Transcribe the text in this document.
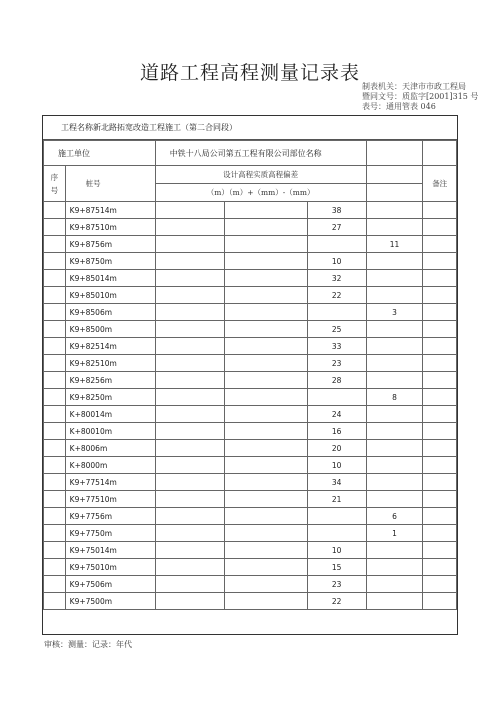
道路工程高程测量记录表
制表机关：天津市市政工程局
暨同文号：质监字[2001]315 号
表号：通用管表 046
工程名称新北路拓宽改造工程施工（第二合同段）
施工单位		中铁十八局公司第五工程有限公司部位名称				
序
号	桩号	设计高程实质高程偏差				备注
		（m）（m）+（mm）-（mm）				
	K9+87514m			38		
	K9+87510m			27		
	K9+8756m				11	
	K9+8750m			10		
	K9+85014m			32		
	K9+85010m			22		
	K9+8506m				3	
	K9+8500m			25		
	K9+82514m			33		
	K9+82510m			23		
	K9+8256m			28		
	K9+8250m				8	
	K+80014m			24		
	K+80010m			16		
	K+8006m			20		
	K+8000m			10		
	K9+77514m			34		
	K9+77510m			21		
	K9+7756m				6	
	K9+7750m				1	
	K9+75014m			10		
	K9+75010m			15		
	K9+7506m			23		
	K9+7500m			22		
审核：测量：记录：年代
